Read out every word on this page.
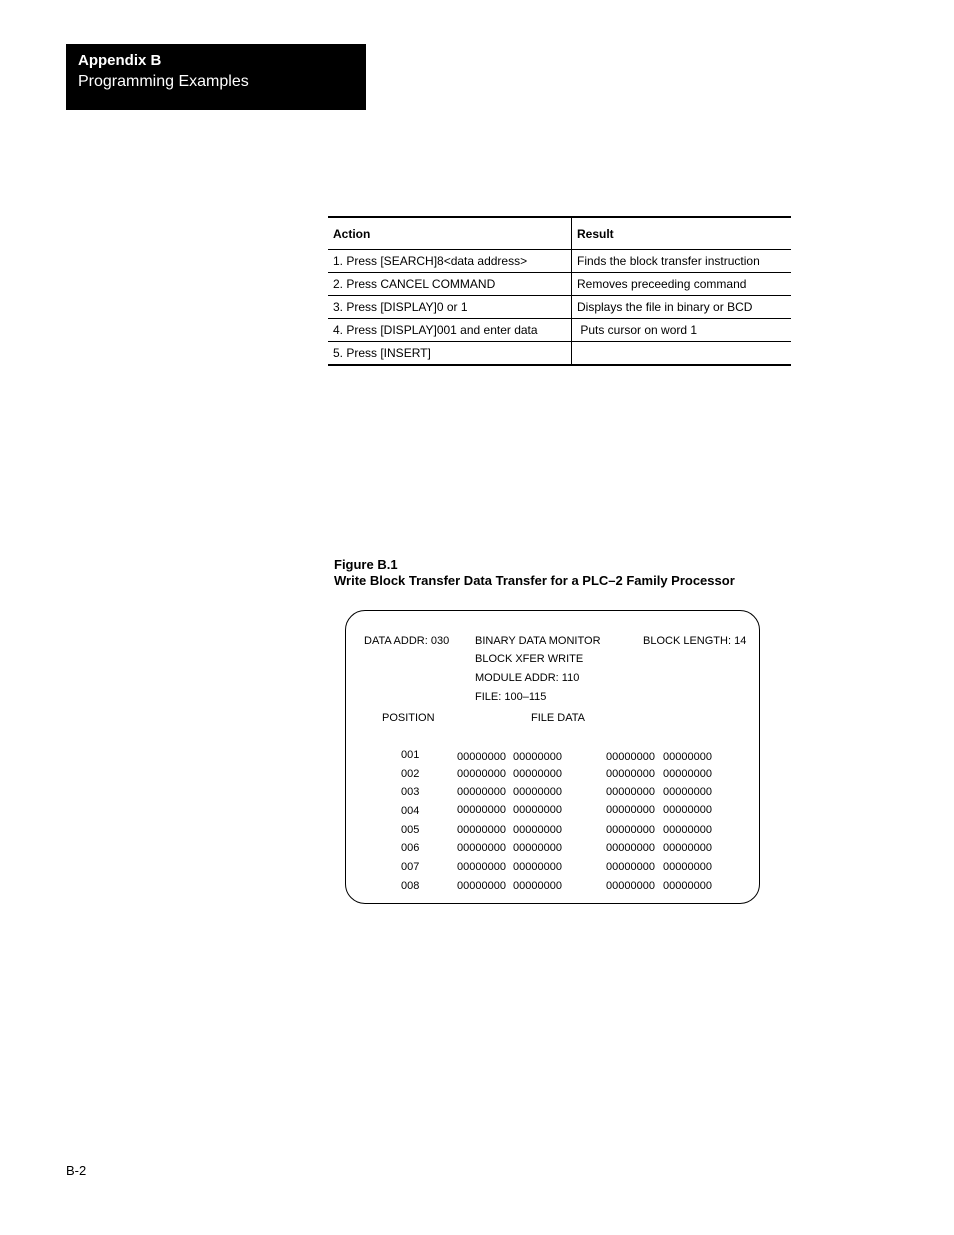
Appendix B
Programming Examples
Action	Result
1. Press [SEARCH]8<data address>	Finds the block transfer instruction
2. Press CANCEL COMMAND	Removes preceeding command
3. Press [DISPLAY]0 or 1	Displays the file in binary or BCD
4. Press [DISPLAY]001 and enter data	Puts cursor on word 1
5. Press [INSERT]	
Figure B.1
Write Block Transfer Data Transfer for a PLC–2 Family Processor
DATA ADDR: 030 BINARY DATA MONITOR	BLOCK LENGTH: 14
BLOCK XFER WRITE
MODULE ADDR: 110
FILE: 100–115
POSITION	FILE DATA
001	00000000 00000000	00000000 00000000
002	00000000 00000000	00000000 00000000
003	00000000 00000000	00000000 00000000
004	00000000 00000000	00000000 00000000
005	00000000 00000000	00000000 00000000
006	00000000 00000000	00000000 00000000
007	00000000 00000000	00000000 00000000
008	00000000 00000000	00000000 00000000
B-2
